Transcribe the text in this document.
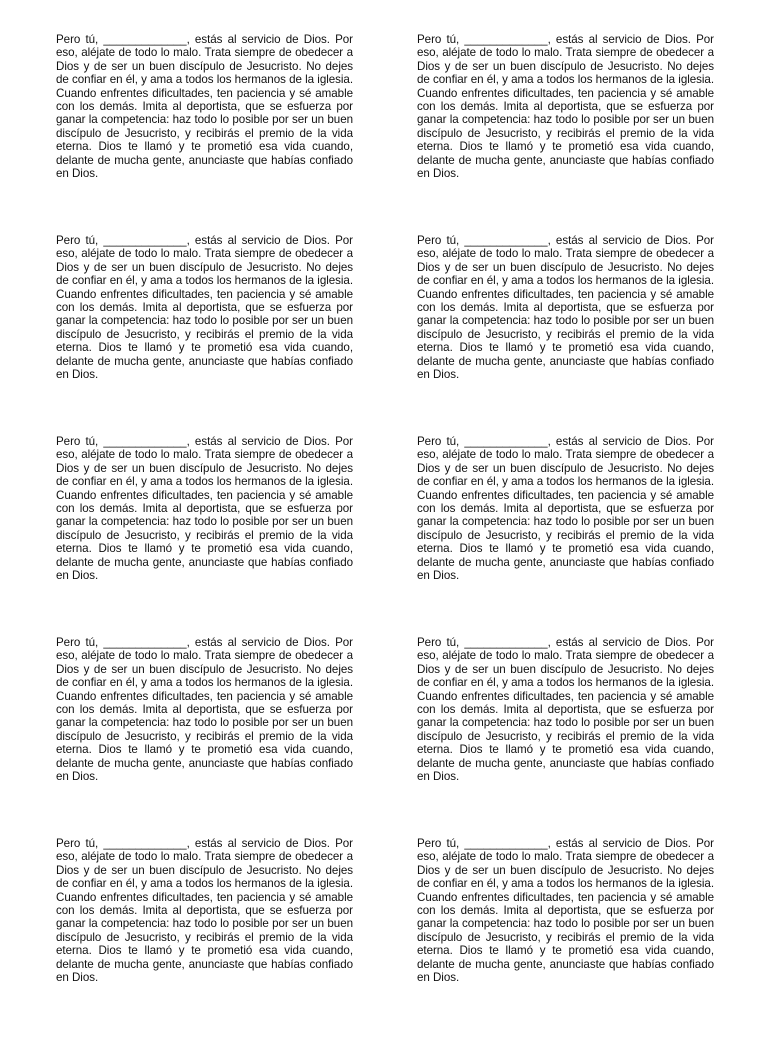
Pero tú, _____________, estás al servicio de Dios. Por eso, aléjate de todo lo malo. Trata siempre de obedecer a Dios y de ser un buen discípulo de Jesucristo. No dejes de confiar en él, y ama a todos los hermanos de la iglesia. Cuando enfrentes dificultades, ten paciencia y sé amable con los demás. Imita al deportista, que se esfuerza por ganar la competencia: haz todo lo posible por ser un buen discípulo de Jesucristo, y recibirás el premio de la vida eterna. Dios te llamó y te prometió esa vida cuando, delante de mucha gente, anunciaste que habías confiado en Dios.

Pero tú, _____________, estás al servicio de Dios. Por eso, aléjate de todo lo malo. Trata siempre de obedecer a Dios y de ser un buen discípulo de Jesucristo. No dejes de confiar en él, y ama a todos los hermanos de la iglesia. Cuando enfrentes dificultades, ten paciencia y sé amable con los demás. Imita al deportista, que se esfuerza por ganar la competencia: haz todo lo posible por ser un buen discípulo de Jesucristo, y recibirás el premio de la vida eterna. Dios te llamó y te prometió esa vida cuando, delante de mucha gente, anunciaste que habías confiado en Dios.

Pero tú, _____________, estás al servicio de Dios. Por eso, aléjate de todo lo malo. Trata siempre de obedecer a Dios y de ser un buen discípulo de Jesucristo. No dejes de confiar en él, y ama a todos los hermanos de la iglesia. Cuando enfrentes dificultades, ten paciencia y sé amable con los demás. Imita al deportista, que se esfuerza por ganar la competencia: haz todo lo posible por ser un buen discípulo de Jesucristo, y recibirás el premio de la vida eterna. Dios te llamó y te prometió esa vida cuando, delante de mucha gente, anunciaste que habías confiado en Dios.

Pero tú, _____________, estás al servicio de Dios. Por eso, aléjate de todo lo malo. Trata siempre de obedecer a Dios y de ser un buen discípulo de Jesucristo. No dejes de confiar en él, y ama a todos los hermanos de la iglesia. Cuando enfrentes dificultades, ten paciencia y sé amable con los demás. Imita al deportista, que se esfuerza por ganar la competencia: haz todo lo posible por ser un buen discípulo de Jesucristo, y recibirás el premio de la vida eterna. Dios te llamó y te prometió esa vida cuando, delante de mucha gente, anunciaste que habías confiado en Dios.

Pero tú, _____________, estás al servicio de Dios. Por eso, aléjate de todo lo malo. Trata siempre de obedecer a Dios y de ser un buen discípulo de Jesucristo. No dejes de confiar en él, y ama a todos los hermanos de la iglesia. Cuando enfrentes dificultades, ten paciencia y sé amable con los demás. Imita al deportista, que se esfuerza por ganar la competencia: haz todo lo posible por ser un buen discípulo de Jesucristo, y recibirás el premio de la vida eterna. Dios te llamó y te prometió esa vida cuando, delante de mucha gente, anunciaste que habías confiado en Dios.

Pero tú, _____________, estás al servicio de Dios. Por eso, aléjate de todo lo malo. Trata siempre de obedecer a Dios y de ser un buen discípulo de Jesucristo. No dejes de confiar en él, y ama a todos los hermanos de la iglesia. Cuando enfrentes dificultades, ten paciencia y sé amable con los demás. Imita al deportista, que se esfuerza por ganar la competencia: haz todo lo posible por ser un buen discípulo de Jesucristo, y recibirás el premio de la vida eterna. Dios te llamó y te prometió esa vida cuando, delante de mucha gente, anunciaste que habías confiado en Dios.

Pero tú, _____________, estás al servicio de Dios. Por eso, aléjate de todo lo malo. Trata siempre de obedecer a Dios y de ser un buen discípulo de Jesucristo. No dejes de confiar en él, y ama a todos los hermanos de la iglesia. Cuando enfrentes dificultades, ten paciencia y sé amable con los demás. Imita al deportista, que se esfuerza por ganar la competencia: haz todo lo posible por ser un buen discípulo de Jesucristo, y recibirás el premio de la vida eterna. Dios te llamó y te prometió esa vida cuando, delante de mucha gente, anunciaste que habías confiado en Dios.

Pero tú, _____________, estás al servicio de Dios. Por eso, aléjate de todo lo malo. Trata siempre de obedecer a Dios y de ser un buen discípulo de Jesucristo. No dejes de confiar en él, y ama a todos los hermanos de la iglesia. Cuando enfrentes dificultades, ten paciencia y sé amable con los demás. Imita al deportista, que se esfuerza por ganar la competencia: haz todo lo posible por ser un buen discípulo de Jesucristo, y recibirás el premio de la vida eterna. Dios te llamó y te prometió esa vida cuando, delante de mucha gente, anunciaste que habías confiado en Dios.

Pero tú, _____________, estás al servicio de Dios. Por eso, aléjate de todo lo malo. Trata siempre de obedecer a Dios y de ser un buen discípulo de Jesucristo. No dejes de confiar en él, y ama a todos los hermanos de la iglesia. Cuando enfrentes dificultades, ten paciencia y sé amable con los demás. Imita al deportista, que se esfuerza por ganar la competencia: haz todo lo posible por ser un buen discípulo de Jesucristo, y recibirás el premio de la vida eterna. Dios te llamó y te prometió esa vida cuando, delante de mucha gente, anunciaste que habías confiado en Dios.

Pero tú, _____________, estás al servicio de Dios. Por eso, aléjate de todo lo malo. Trata siempre de obedecer a Dios y de ser un buen discípulo de Jesucristo. No dejes de confiar en él, y ama a todos los hermanos de la iglesia. Cuando enfrentes dificultades, ten paciencia y sé amable con los demás. Imita al deportista, que se esfuerza por ganar la competencia: haz todo lo posible por ser un buen discípulo de Jesucristo, y recibirás el premio de la vida eterna. Dios te llamó y te prometió esa vida cuando, delante de mucha gente, anunciaste que habías confiado en Dios.
